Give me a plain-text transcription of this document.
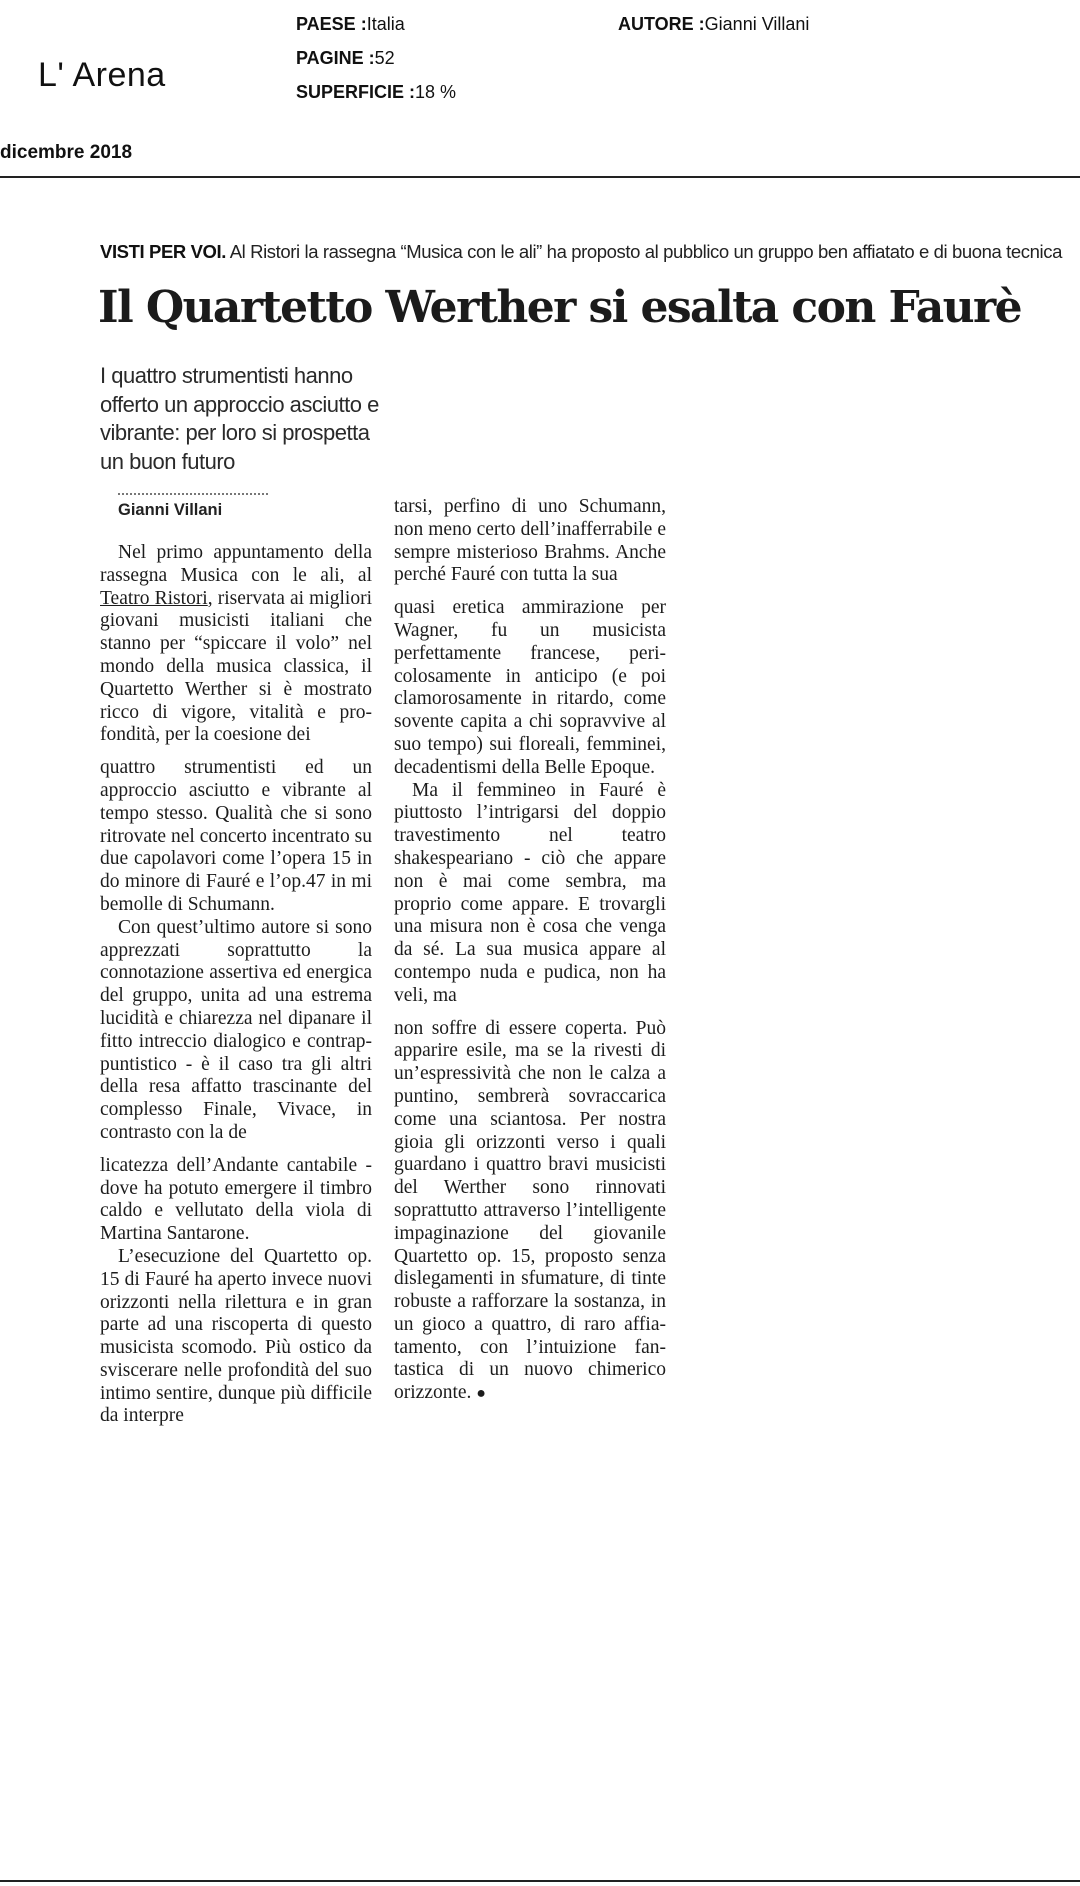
L' Arena
PAESE :Italia
PAGINE :52
SUPERFICIE :18 %
AUTORE :Gianni Villani
dicembre 2018
VISTI PER VOI. Al Ristori la rassegna “Musica con le ali” ha proposto al pubblico un gruppo ben affiatato e di buona tecnica
Il Quartetto Werther si esalta con Faurè
I quattro strumentisti hanno offerto un approccio asciutto e vibrante: per loro si prospetta un buon futuro
Gianni Villani

Nel primo appuntamento della rassegna Musica con le ali, al Teatro Ristori, riservata ai migliori giovani musicisti italiani che stanno per “spiccare il volo” nel mondo della musica classica, il Quartetto Werther si è mostrato ricco di vigore, vitalità e profondità, per la coesione dei

quattro strumentisti ed un approccio asciutto e vibrante al tempo stesso. Qualità che si sono ritrovate nel concerto incentrato su due capolavori come l’opera 15 in do minore di Fauré e l’op.47 in mi bemolle di Schumann.

Con quest’ultimo autore si sono apprezzati soprattutto la connotazione assertiva ed energica del gruppo, unita ad una estrema lucidità e chiarezza nel dipanare il fitto intreccio dialogico e contrappuntistico - è il caso tra gli altri della resa affatto trascinante del complesso Finale, Vivace, in contrasto con la de

licatezza dell’Andante cantabile - dove ha potuto emergere il timbro caldo e vellutato della viola di Martina Santarone.

L’esecuzione del Quartetto op. 15 di Fauré ha aperto invece nuovi orizzonti nella rilettura e in gran parte ad una riscoperta di questo musicista scomodo. Più ostico da sviscerare nelle profondità del suo intimo sentire, dunque più difficile da interpre

tarsi, perfino di uno Schumann, non meno certo dell’inafferrabile e sempre misterioso Brahms. Anche perché Fauré con tutta la sua

quasi eretica ammirazione per Wagner, fu un musicista perfettamente francese, pericolosamente in anticipo (e poi clamorosamente in ritardo, come sovente capita a chi sopravvive al suo tempo) sui floreali, femminei, decadentismi della Belle Epoque.

Ma il femmineo in Fauré è piuttosto l’intrigarsi del doppio travestimento nel teatro shakespeariano - ciò che appare non è mai come sembra, ma proprio come appare. E trovargli una misura non è cosa che venga da sé. La sua musica appare al contempo nuda e pudica, non ha veli, ma

non soffre di essere coperta. Può apparire esile, ma se la rivesti di un’espressività che non le calza a puntino, sembrerà sovraccarica come una sciantosa. Per nostra gioia gli orizzonti verso i quali guardano i quattro bravi musicisti del Werther sono rinnovati soprattutto attraverso l’intelligente impaginazione del giovanile Quartetto op. 15, proposto senza dislegamenti in sfumature, di tinte robuste a rafforzare la sostanza, in un gioco a quattro, di raro affiatamento, con l’intuizione fantastica di un nuovo chimerico orizzonte. ●
